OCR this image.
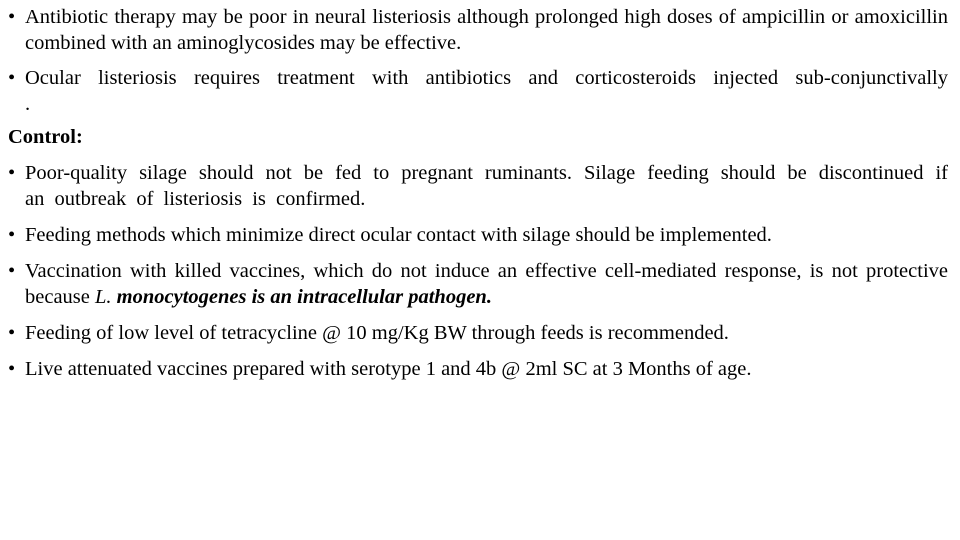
• Antibiotic therapy may be poor in neural listeriosis although prolonged high doses of ampicillin or amoxicillin combined with an aminoglycosides may be effective.
• Ocular listeriosis requires treatment with antibiotics and corticosteroids injected sub-conjunctivally .
Control:
• Poor-quality silage should not be fed to pregnant ruminants. Silage feeding should be discontinued if an outbreak of listeriosis is confirmed.
• Feeding methods which minimize direct ocular contact with silage should be implemented.
• Vaccination with killed vaccines, which do not induce an effective cell-mediated response, is not protective because L. monocytogenes is an intracellular pathogen.
• Feeding of low level of tetracycline @ 10 mg/Kg BW through feeds is recommended.
• Live attenuated vaccines prepared with serotype 1 and 4b @ 2ml SC at 3 Months of age.
